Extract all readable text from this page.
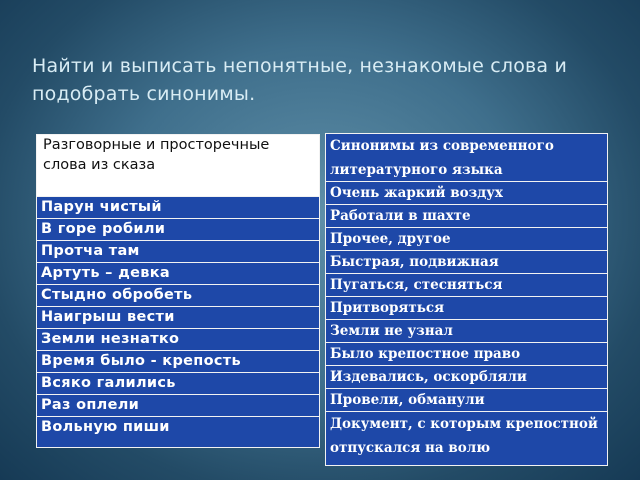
Найти и выписать непонятные, незнакомые слова и подобрать синонимы.
Разговорные и просторечные слова из сказа
Парун чистый
В горе робили
Протча там
Артуть – девка
Стыдно обробеть
Наигрыш вести
Земли незнатко
Время было - крепость
Всяко галились
Раз оплели
Вольную пиши
Синонимы из современного литературного языка
Очень жаркий воздух
Работали в шахте
Прочее, другое
Быстрая, подвижная
Пугаться, стесняться
Притворяться
Земли не узнал
Было крепостное право
Издевались, оскорбляли
Провели, обманули
Документ, с которым крепостной отпускался на волю
